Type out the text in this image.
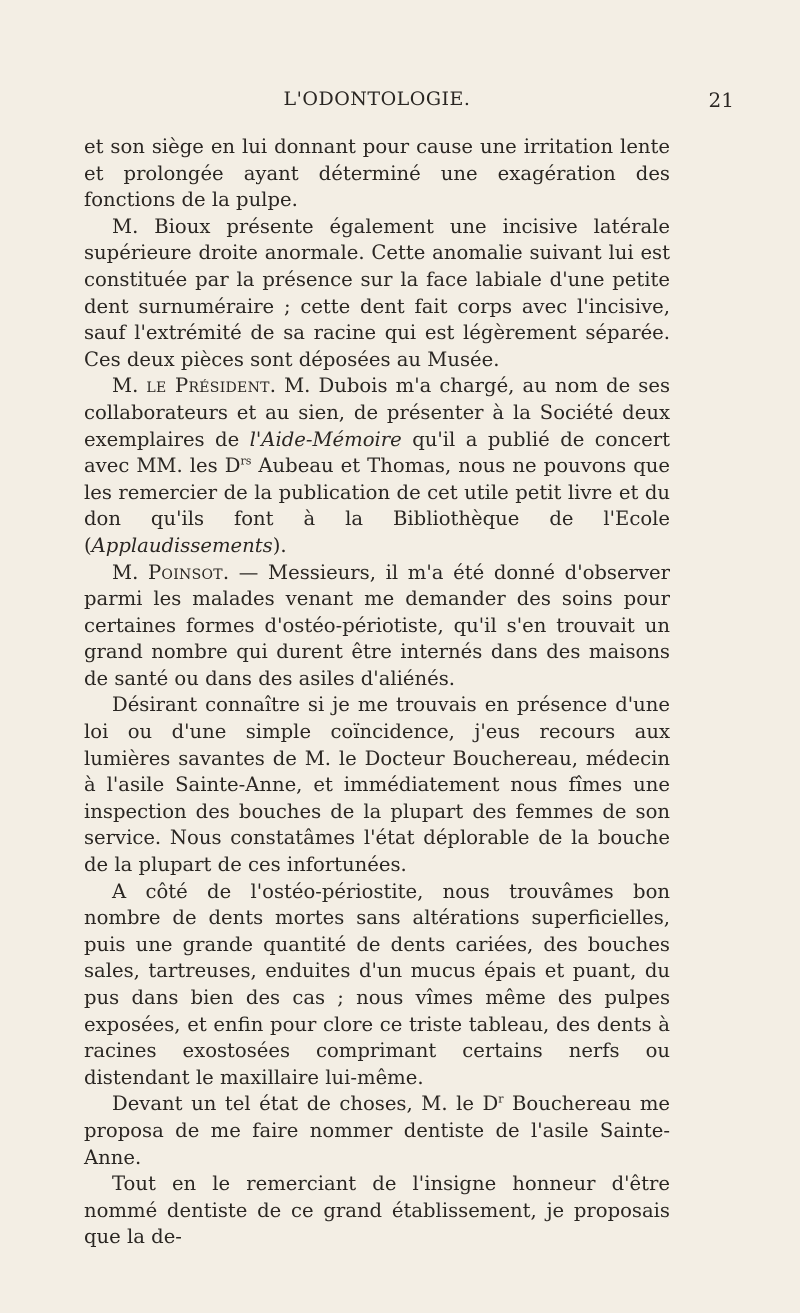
L'ODONTOLOGIE.	21

et son siège en lui donnant pour cause une irritation lente et prolongée ayant déterminé une exagération des fonctions de la pulpe.

M. Bioux présente également une incisive latérale supérieure droite anormale. Cette anomalie suivant lui est constituée par la présence sur la face labiale d'une petite dent surnuméraire ; cette dent fait corps avec l'incisive, sauf l'extrémité de sa racine qui est légèrement séparée. Ces deux pièces sont déposées au Musée.

M. le Président. M. Dubois m'a chargé, au nom de ses collaborateurs et au sien, de présenter à la Société deux exemplaires de l'Aide-Mémoire qu'il a publié de concert avec MM. les $D^{rs}$ Aubeau et Thomas, nous ne pouvons que les remercier de la publication de cet utile petit livre et du don qu'ils font à la Bibliothèque de l'Ecole (Applaudissements).

M. Poinsot. — Messieurs, il m'a été donné d'observer parmi les malades venant me demander des soins pour certaines formes d'ostéo-périotiste, qu'il s'en trouvait un grand nombre qui durent être internés dans des maisons de santé ou dans des asiles d'aliénés.

Désirant connaître si je me trouvais en présence d'une loi ou d'une simple coïncidence, j'eus recours aux lumières savantes de M. le Docteur Bouchereau, médecin à l'asile Sainte-Anne, et immédiatement nous fîmes une inspection des bouches de la plupart des femmes de son service. Nous constatâmes l'état déplorable de la bouche de la plupart de ces infortunées.

A côté de l'ostéo-périostite, nous trouvâmes bon nombre de dents mortes sans altérations superficielles, puis une grande quantité de dents cariées, des bouches sales, tartreuses, enduites d'un mucus épais et puant, du pus dans bien des cas ; nous vîmes même des pulpes exposées, et enfin pour clore ce triste tableau, des dents à racines exostosées comprimant certains nerfs ou distendant le maxillaire lui-même.

Devant un tel état de choses, M. le $D^r$ Bouchereau me proposa de me faire nommer dentiste de l'asile Sainte-Anne.

Tout en le remerciant de l'insigne honneur d'être nommé dentiste de ce grand établissement, je proposais que la de-
